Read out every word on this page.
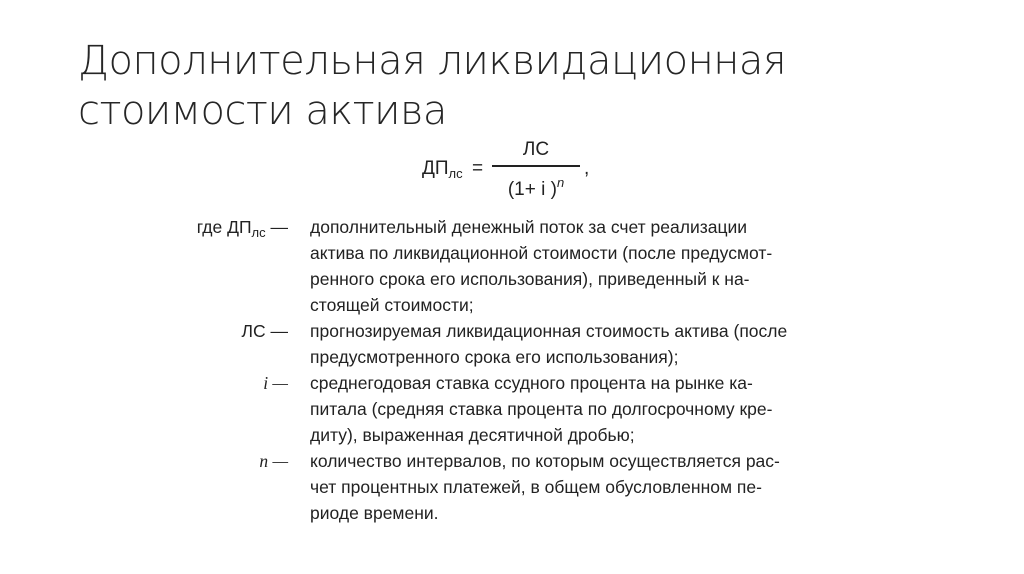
Дополнительная ликвидационная
стоимости актива
$ДП_{лс}$ =
ЛС
(1+ i )$^n$
,
где $ДП_{лс}$ — дополнительный денежный поток за счет реализации
актива по ликвидационной стоимости (после предусмот-
ренного срока его использования), приведенный к на-
стоящей стоимости;
ЛС — прогнозируемая ликвидационная стоимость актива (после
предусмотренного срока его использования);
i — среднегодовая ставка ссудного процента на рынке ка-
питала (средняя ставка процента по долгосрочному кре-
диту), выраженная десятичной дробью;
n — количество интервалов, по которым осуществляется рас-
чет процентных платежей, в общем обусловленном пе-
риоде времени.
